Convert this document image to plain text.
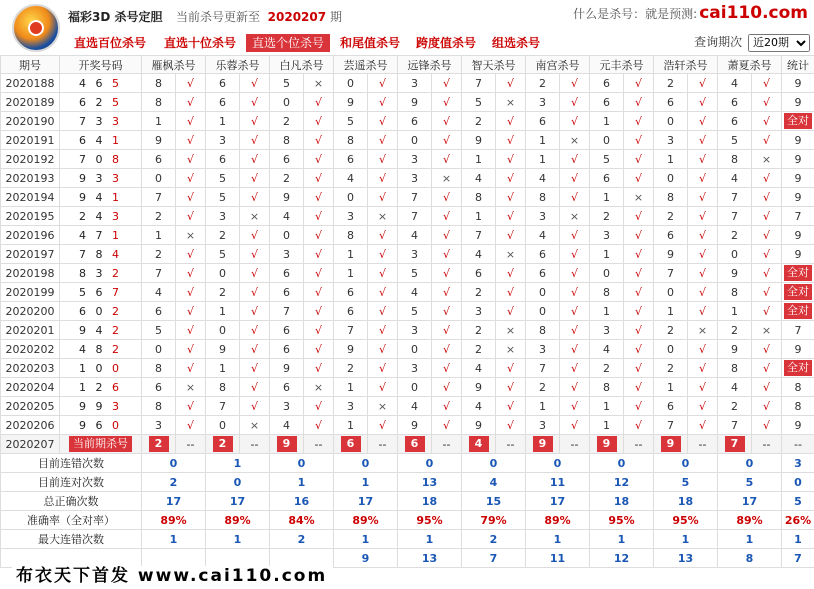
福彩3D 杀号定胆 当前杀号更新至 2020207 期	什么是杀号：就是预测: cai110.com
直选百位杀号 直选十位杀号	直选个位杀号	和尾值杀号 跨度值杀号 组选杀号	查询期次
近20期
期号	开奖号码	雁枫杀号		乐蓉杀号		白凡杀号		芸遥杀号		远锋杀号		智天杀号		南宫杀号		元丰杀号		浩轩杀号		萧夏杀号		统计
2020188	4 6 5	8	√	6	√	5	×	0	√	3	√	7	√	2	√	6	√	2	√	4	√	9
2020189	6 2 5	8	√	6	√	0	√	9	√	9	√	5	×	3	√	6	√	6	√	6	√	9
2020190	7 3 3	1	√	1	√	2	√	5	√	6	√	2	√	6	√	1	√	0	√	6	√	全对
2020191	6 4 1	9	√	3	√	8	√	8	√	0	√	9	√	1	×	0	√	3	√	5	√	9
2020192	7 0 8	6	√	6	√	6	√	6	√	3	√	1	√	1	√	5	√	1	√	8	×	9
2020193	9 3 3	0	√	5	√	2	√	4	√	3	×	4	√	4	√	6	√	0	√	4	√	9
2020194	9 4 1	7	√	5	√	9	√	0	√	7	√	8	√	8	√	1	×	8	√	7	√	9
2020195	2 4 3	2	√	3	×	4	√	3	×	7	√	1	√	3	×	2	√	2	√	7	√	7
2020196	4 7 1	1	×	2	√	0	√	8	√	4	√	7	√	4	√	3	√	6	√	2	√	9
2020197	7 8 4	2	√	5	√	3	√	1	√	3	√	4	×	6	√	1	√	9	√	0	√	9
2020198	8 3 2	7	√	0	√	6	√	1	√	5	√	6	√	6	√	0	√	7	√	9	√	全对
2020199	5 6 7	4	√	2	√	6	√	6	√	4	√	2	√	0	√	8	√	0	√	8	√	全对
2020200	6 0 2	6	√	1	√	7	√	6	√	5	√	3	√	0	√	1	√	1	√	1	√	全对
2020201	9 4 2	5	√	0	√	6	√	7	√	3	√	2	×	8	√	3	√	2	×	2	×	7
2020202	4 8 2	0	√	9	√	6	√	9	√	0	√	2	×	3	√	4	√	0	√	9	√	9
2020203	1 0 0	8	√	1	√	9	√	2	√	3	√	4	√	7	√	2	√	2	√	8	√	全对
2020204	1 2 6	6	×	8	√	6	×	1	√	0	√	9	√	2	√	8	√	1	√	4	√	8
2020205	9 9 3	8	√	7	√	3	√	3	×	4	√	4	√	1	√	1	√	6	√	2	√	8
2020206	9 6 0	3	√	0	×	4	√	1	√	9	√	9	√	3	√	1	√	7	√	7	√	9
2020207	当前期杀号	2	--	2	--	9	--	6	--	6	--	4	--	9	--	9	--	9	--	7	--	--
目前连错次数		0		1		0		0		0		0		0		0		0		0		3
目前连对次数		2		0		1		1		13		4		11		12		5		5		0
总正确次数		17		17		16		17		18		15		17		18		18		17		5
准确率（全对率）		89%		89%		84%		89%		95%		79%		89%		95%		95%		89%		26%
最大连错次数		1		1		2		1		1		2		1		1		1		1		1
								9		13		7		11		12		13		8		7
布衣天下首发 www.cai110.com
